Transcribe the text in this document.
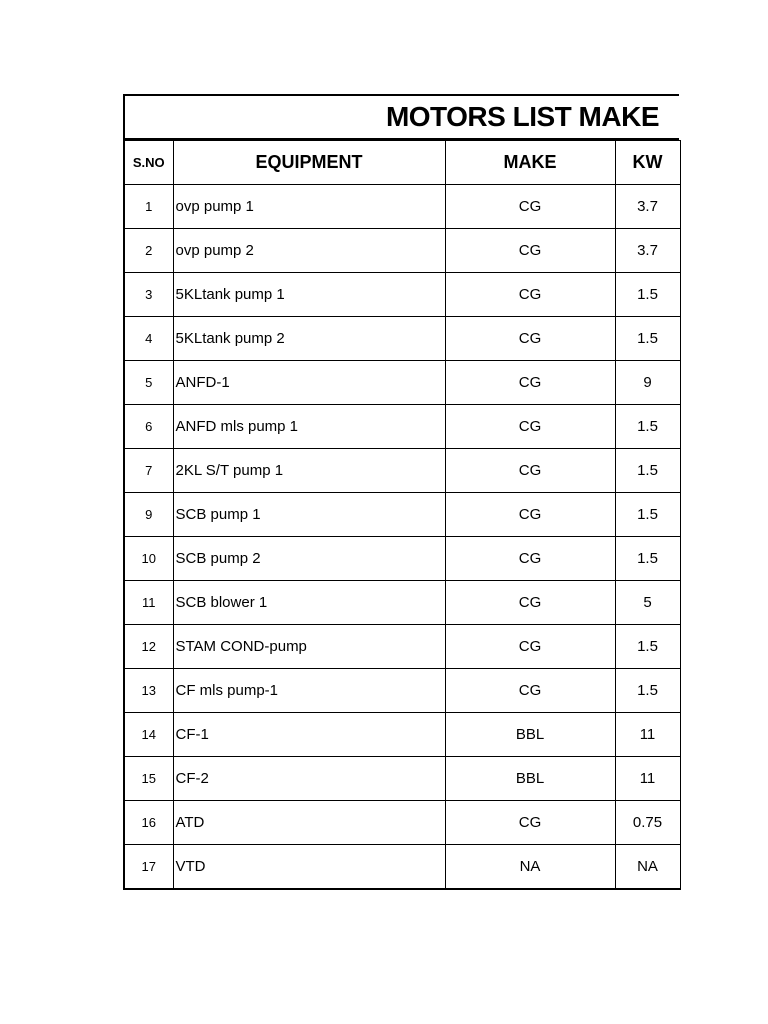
MOTORS LIST MAKE
S.NO	EQUIPMENT	MAKE	KW
1	ovp pump 1	CG	3.7
2	ovp pump 2	CG	3.7
3	5KLtank pump 1	CG	1.5
4	5KLtank pump 2	CG	1.5
5	ANFD-1	CG	9
6	ANFD mls pump 1	CG	1.5
7	2KL S/T pump 1	CG	1.5
9	SCB pump 1	CG	1.5
10	SCB pump 2	CG	1.5
11	SCB blower 1	CG	5
12	STAM COND-pump	CG	1.5
13	CF mls pump-1	CG	1.5
14	CF-1	BBL	11
15	CF-2	BBL	11
16	ATD	CG	0.75
17	VTD	NA	NA
